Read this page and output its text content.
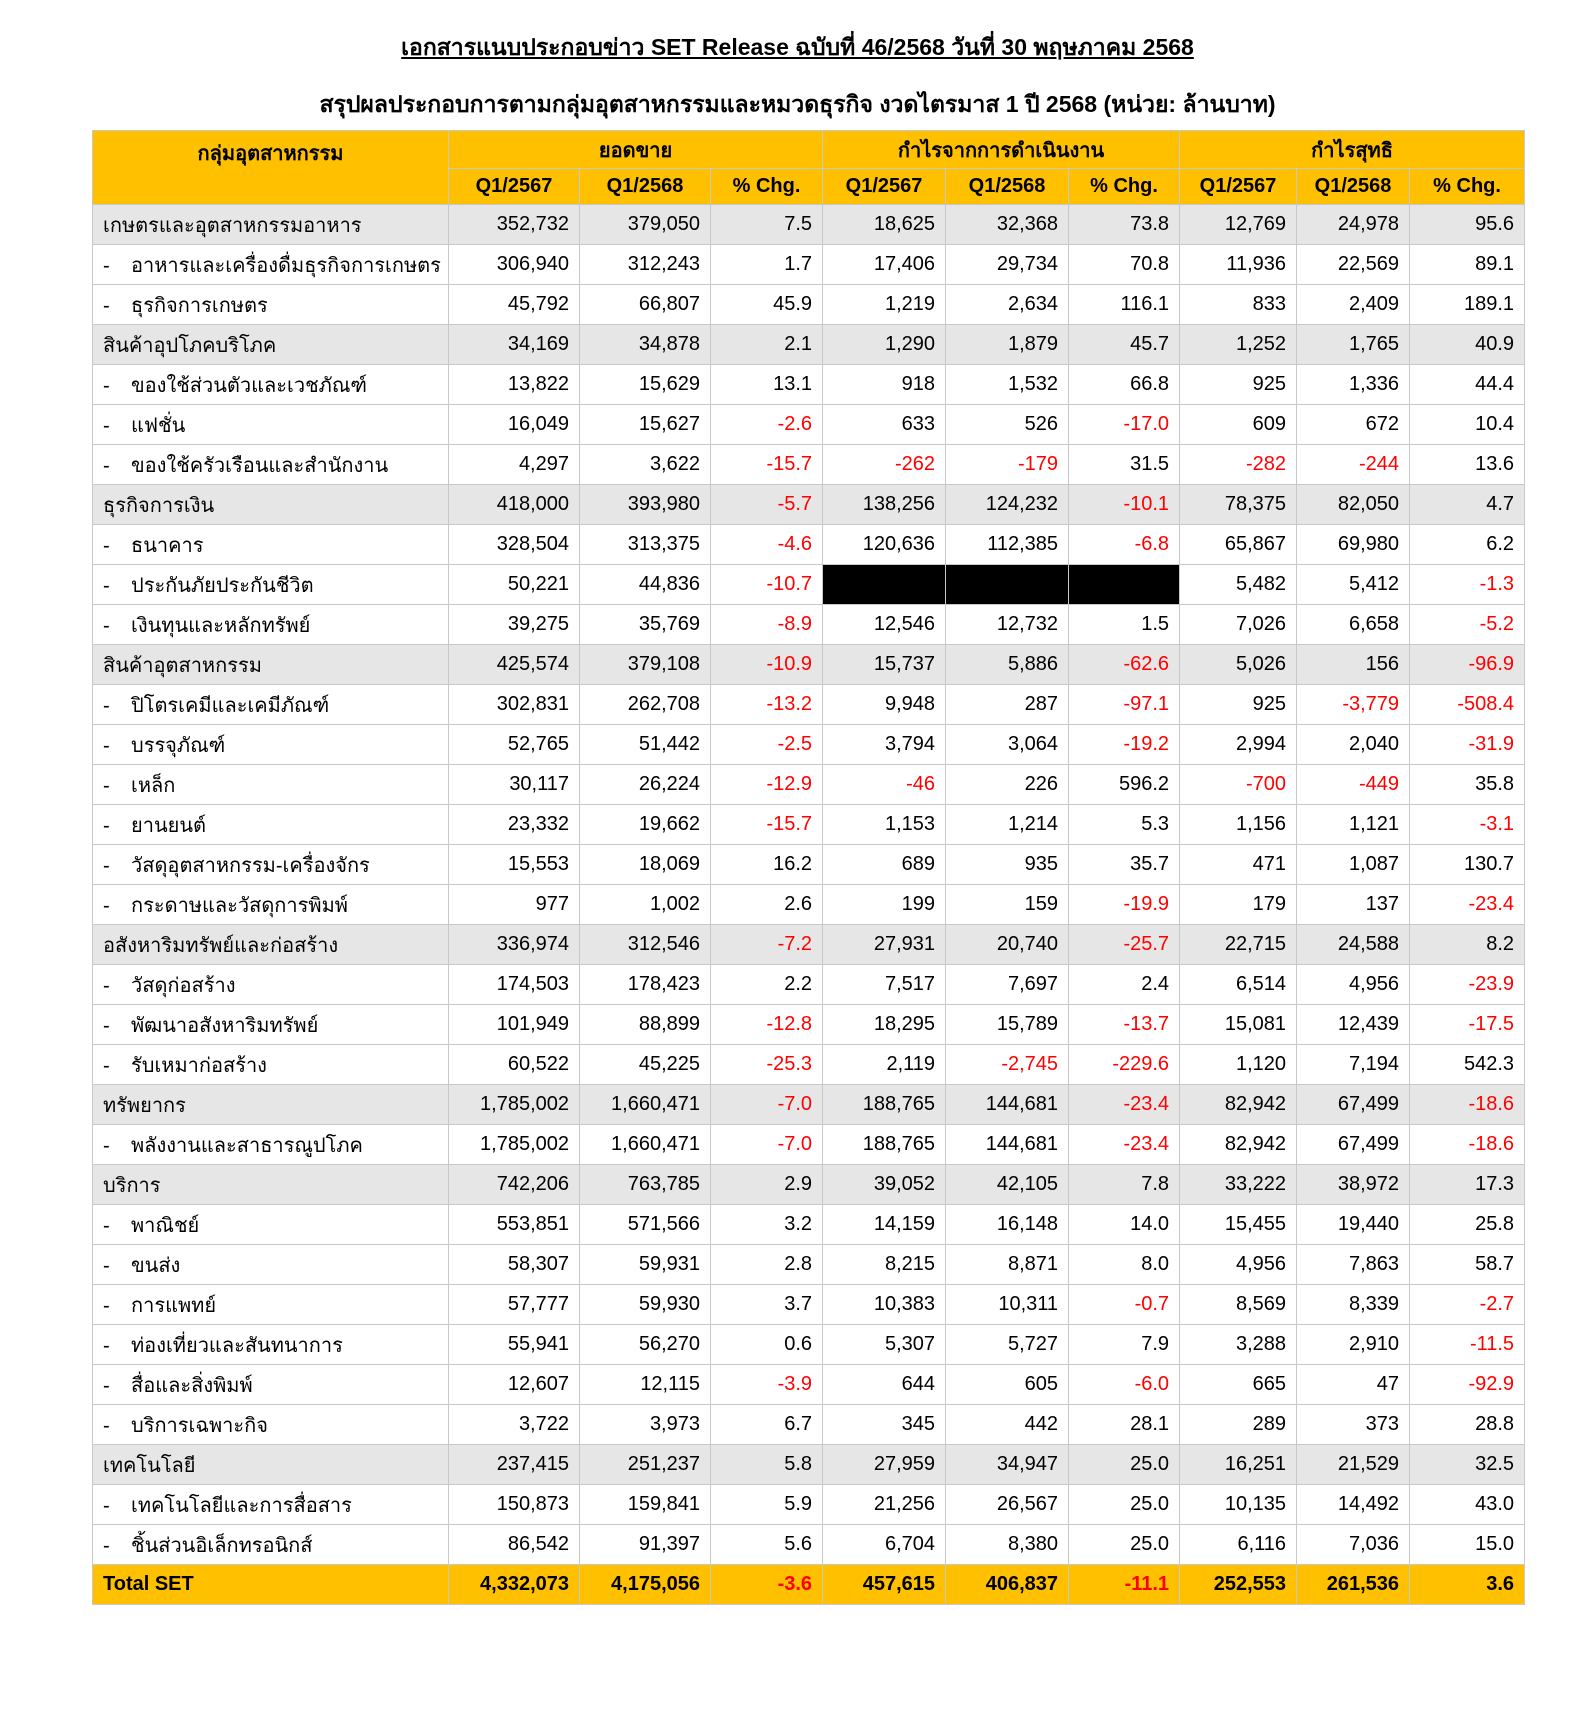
เอกสารแนบประกอบข่าว SET Release ฉบับที่ 46/2568 วันที่ 30 พฤษภาคม 2568
สรุปผลประกอบการตามกลุ่มอุตสาหกรรมและหมวดธุรกิจ งวดไตรมาส 1 ปี 2568 (หน่วย: ล้านบาท)
กลุ่มอุตสาหกรรม	ยอดขาย			กำไรจากการดำเนินงาน			กำไรสุทธิ		
	Q1/2567	Q1/2568	% Chg.	Q1/2567	Q1/2568	% Chg.	Q1/2567	Q1/2568	% Chg.
เกษตรและอุตสาหกรรมอาหาร	352,732	379,050	7.5	18,625	32,368	73.8	12,769	24,978	95.6
- อาหารและเครื่องดื่มธุรกิจการเกษตร	306,940	312,243	1.7	17,406	29,734	70.8	11,936	22,569	89.1
- ธุรกิจการเกษตร	45,792	66,807	45.9	1,219	2,634	116.1	833	2,409	189.1
สินค้าอุปโภคบริโภค	34,169	34,878	2.1	1,290	1,879	45.7	1,252	1,765	40.9
- ของใช้ส่วนตัวและเวชภัณฑ์	13,822	15,629	13.1	918	1,532	66.8	925	1,336	44.4
- แฟชั่น	16,049	15,627	-2.6	633	526	-17.0	609	672	10.4
- ของใช้ครัวเรือนและสำนักงาน	4,297	3,622	-15.7	-262	-179	31.5	-282	-244	13.6
ธุรกิจการเงิน	418,000	393,980	-5.7	138,256	124,232	-10.1	78,375	82,050	4.7
- ธนาคาร	328,504	313,375	-4.6	120,636	112,385	-6.8	65,867	69,980	6.2
- ประกันภัยประกันชีวิต	50,221	44,836	-10.7				5,482	5,412	-1.3
- เงินทุนและหลักทรัพย์	39,275	35,769	-8.9	12,546	12,732	1.5	7,026	6,658	-5.2
สินค้าอุตสาหกรรม	425,574	379,108	-10.9	15,737	5,886	-62.6	5,026	156	-96.9
- ปิโตรเคมีและเคมีภัณฑ์	302,831	262,708	-13.2	9,948	287	-97.1	925	-3,779	-508.4
- บรรจุภัณฑ์	52,765	51,442	-2.5	3,794	3,064	-19.2	2,994	2,040	-31.9
- เหล็ก	30,117	26,224	-12.9	-46	226	596.2	-700	-449	35.8
- ยานยนต์	23,332	19,662	-15.7	1,153	1,214	5.3	1,156	1,121	-3.1
- วัสดุอุตสาหกรรม-เครื่องจักร	15,553	18,069	16.2	689	935	35.7	471	1,087	130.7
- กระดาษและวัสดุการพิมพ์	977	1,002	2.6	199	159	-19.9	179	137	-23.4
อสังหาริมทรัพย์และก่อสร้าง	336,974	312,546	-7.2	27,931	20,740	-25.7	22,715	24,588	8.2
- วัสดุก่อสร้าง	174,503	178,423	2.2	7,517	7,697	2.4	6,514	4,956	-23.9
- พัฒนาอสังหาริมทรัพย์	101,949	88,899	-12.8	18,295	15,789	-13.7	15,081	12,439	-17.5
- รับเหมาก่อสร้าง	60,522	45,225	-25.3	2,119	-2,745	-229.6	1,120	7,194	542.3
ทรัพยากร	1,785,002	1,660,471	-7.0	188,765	144,681	-23.4	82,942	67,499	-18.6
- พลังงานและสาธารณูปโภค	1,785,002	1,660,471	-7.0	188,765	144,681	-23.4	82,942	67,499	-18.6
บริการ	742,206	763,785	2.9	39,052	42,105	7.8	33,222	38,972	17.3
- พาณิชย์	553,851	571,566	3.2	14,159	16,148	14.0	15,455	19,440	25.8
- ขนส่ง	58,307	59,931	2.8	8,215	8,871	8.0	4,956	7,863	58.7
- การแพทย์	57,777	59,930	3.7	10,383	10,311	-0.7	8,569	8,339	-2.7
- ท่องเที่ยวและสันทนาการ	55,941	56,270	0.6	5,307	5,727	7.9	3,288	2,910	-11.5
- สื่อและสิ่งพิมพ์	12,607	12,115	-3.9	644	605	-6.0	665	47	-92.9
- บริการเฉพาะกิจ	3,722	3,973	6.7	345	442	28.1	289	373	28.8
เทคโนโลยี	237,415	251,237	5.8	27,959	34,947	25.0	16,251	21,529	32.5
- เทคโนโลยีและการสื่อสาร	150,873	159,841	5.9	21,256	26,567	25.0	10,135	14,492	43.0
- ชิ้นส่วนอิเล็กทรอนิกส์	86,542	91,397	5.6	6,704	8,380	25.0	6,116	7,036	15.0
Total SET	4,332,073	4,175,056	-3.6	457,615	406,837	-11.1	252,553	261,536	3.6
